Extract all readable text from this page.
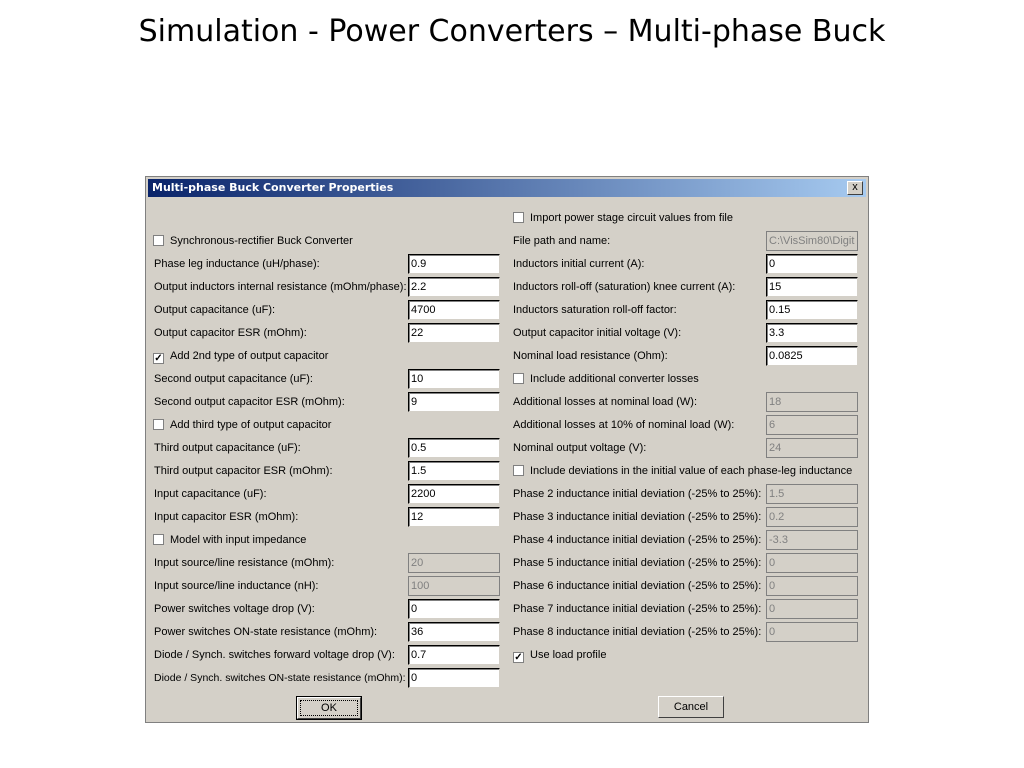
Simulation - Power Converters – Multi-phase Buck
Multi-phase Buck Converter Properties	x
Synchronous-rectifier Buck Converter
Phase leg inductance (uH/phase):	0.9
Output inductors internal resistance (mOhm/phase): 2.2
Output capacitance (uF):	4700
Output capacitor ESR (mOhm):	22
✓ Add 2nd type of output capacitor
Second output capacitance (uF):	10
Second output capacitor ESR (mOhm):	9
Add third type of output capacitor
Third output capacitance (uF):	0.5
Third output capacitor ESR (mOhm):	1.5
Input capacitance (uF):	2200
Input capacitor ESR (mOhm):	12
Model with input impedance
Input source/line resistance (mOhm):	20
Input source/line inductance (nH):	100
Power switches voltage drop (V):	0
Power switches ON-state resistance (mOhm):	36
Diode / Synch. switches forward voltage drop (V): 0.7
Diode / Synch. switches ON-state resistance (mOhm): 0
Import power stage circuit values from file
File path and name:	C:\VisSim80\Digit
Inductors initial current (A):	0
Inductors roll-off (saturation) knee current (A):	15
Inductors saturation roll-off factor:	0.15
Output capacitor initial voltage (V):	3.3
Nominal load resistance (Ohm):	0.0825
Include additional converter losses
Additional losses at nominal load (W):	18
Additional losses at 10% of nominal load (W):	6
Nominal output voltage (V):	24
Include deviations in the initial value of each phase-leg inductance
Phase 2 inductance initial deviation (-25% to 25%): 1.5
Phase 3 inductance initial deviation (-25% to 25%): 0.2
Phase 4 inductance initial deviation (-25% to 25%): -3.3
Phase 5 inductance initial deviation (-25% to 25%): 0
Phase 6 inductance initial deviation (-25% to 25%): 0
Phase 7 inductance initial deviation (-25% to 25%): 0
Phase 8 inductance initial deviation (-25% to 25%): 0
✓ Use load profile
OK	Cancel
